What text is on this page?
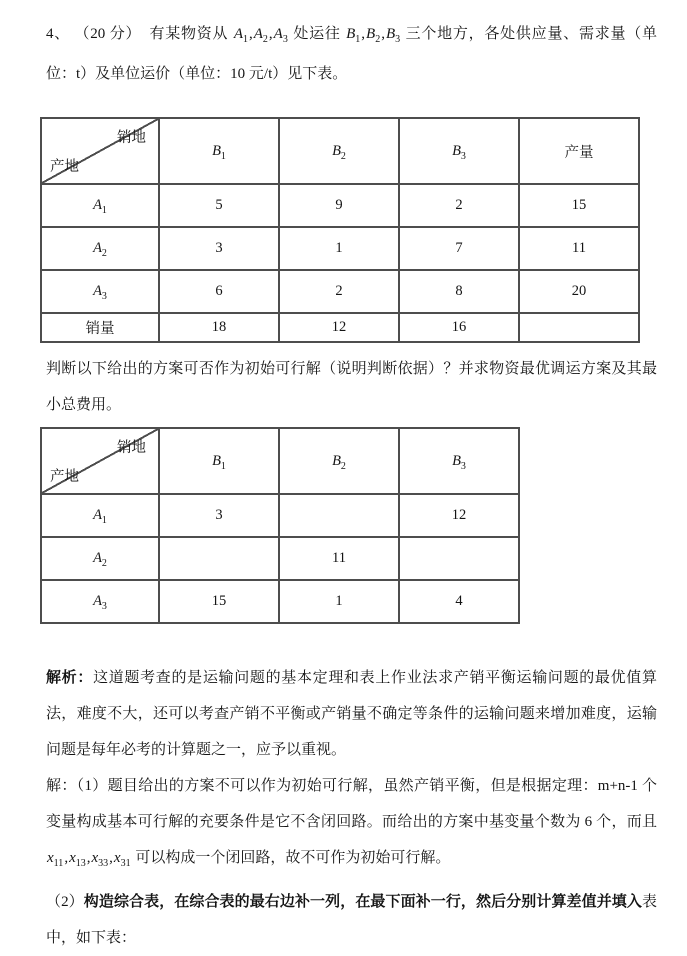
4、 （20 分）　有某物资从 $A_1,A_2,A_3$ 处运往 $B_1,B_2,B_3$ 三个地方，各处供应量、需求量（单位：t）及单位运价（单位：10 元/t）见下表。

销地
产地	$B_1$	$B_2$	$B_3$	产量
$A_1$	5	9	2	15
$A_2$	3	1	7	11
$A_3$	6	2	8	20
销量	18	12	16	

判断以下给出的方案可否作为初始可行解（说明判断依据）？并求物资最优调运方案及其最小总费用。

销地
产地	$B_1$	$B_2$	$B_3$
$A_1$	3		12
$A_2$		11	
$A_3$	15	1	4

解析：这道题考查的是运输问题的基本定理和表上作业法求产销平衡运输问题的最优值算法，难度不大，还可以考查产销不平衡或产销量不确定等条件的运输问题来增加难度，运输问题是每年必考的计算题之一，应予以重视。

解：（1）题目给出的方案不可以作为初始可行解，虽然产销平衡，但是根据定理：m+n-1 个变量构成基本可行解的充要条件是它不含闭回路。而给出的方案中基变量个数为 6 个，而且 $x_{11},x_{13},x_{33},x_{31}$ 可以构成一个闭回路，故不可作为初始可行解。

（2）构造综合表，在综合表的最右边补一列，在最下面补一行，然后分别计算差值并填入表中，如下表：
